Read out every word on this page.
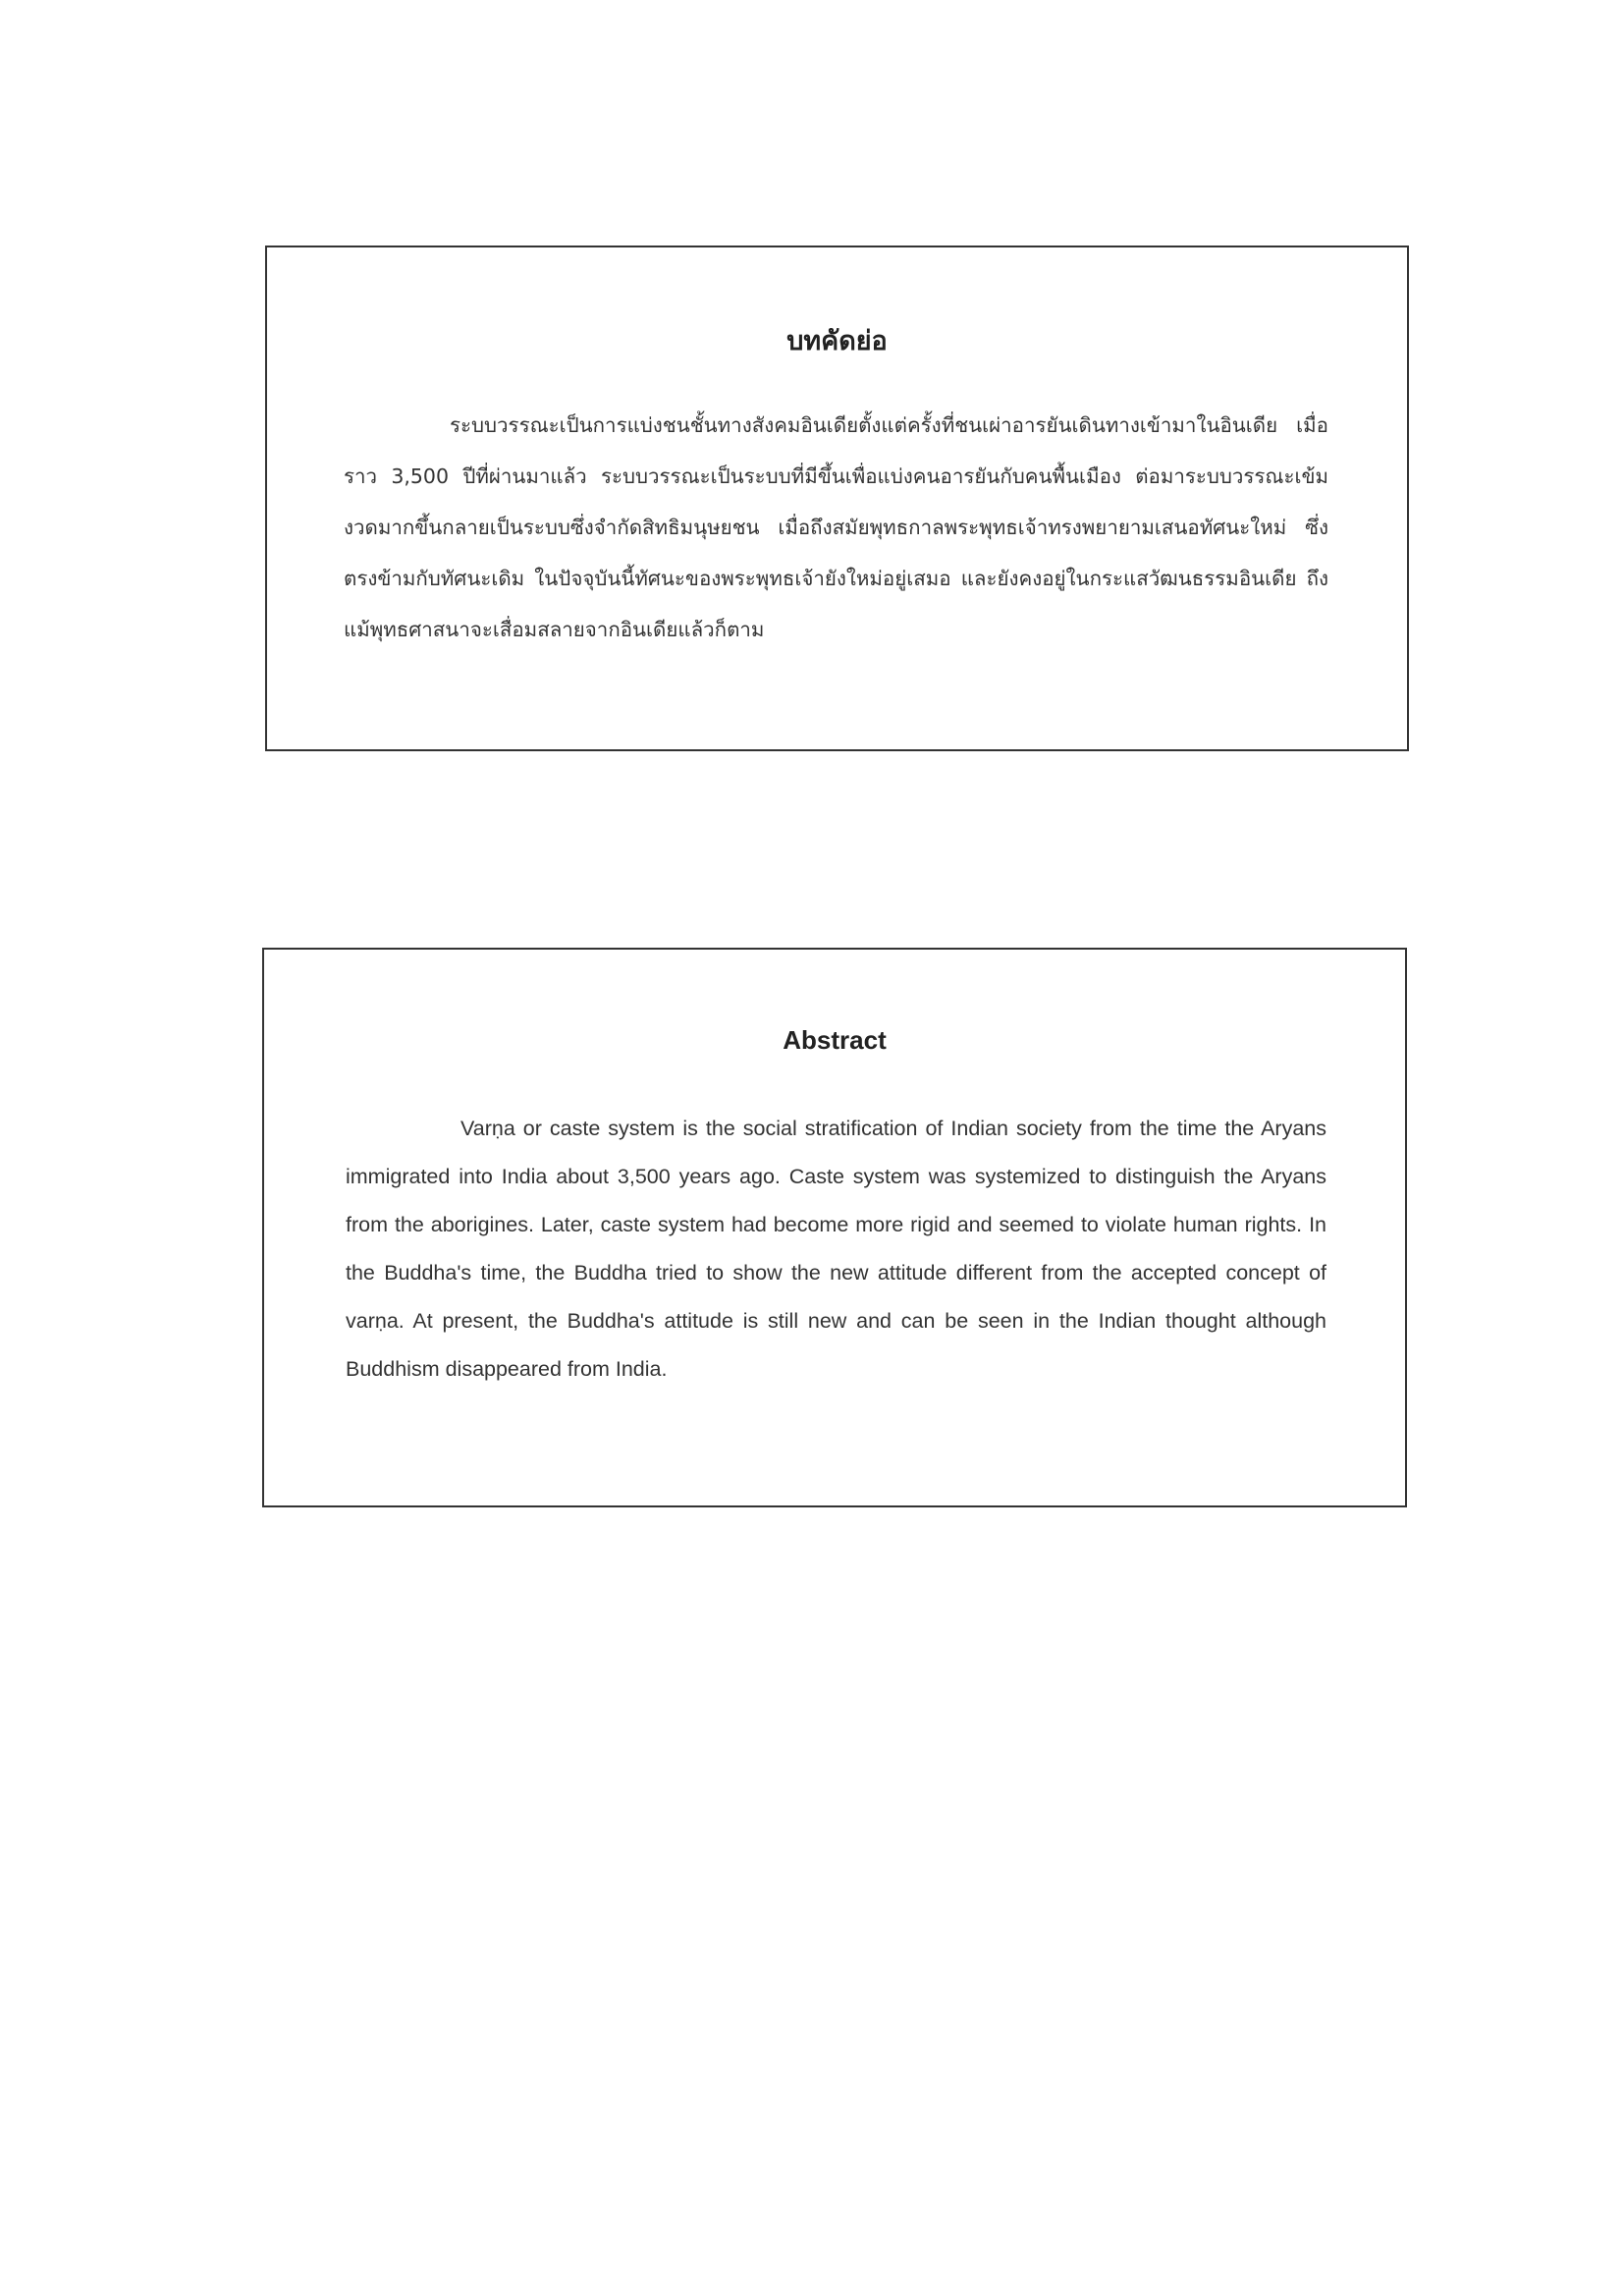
บทคัดย่อ
ระบบวรรณะเป็นการแบ่งชนชั้นทางสังคมอินเดียตั้งแต่ครั้งที่ชนเผ่าอารยันเดินทางเข้ามาในอินเดีย เมื่อราว 3,500 ปีที่ผ่านมาแล้ว ระบบวรรณะเป็นระบบที่มีขึ้นเพื่อแบ่งคนอารยันกับคนพื้นเมือง ต่อมาระบบวรรณะเข้มงวดมากขึ้นกลายเป็นระบบซึ่งจำกัดสิทธิมนุษยชน เมื่อถึงสมัยพุทธกาลพระพุทธเจ้าทรงพยายามเสนอทัศนะใหม่ ซึ่งตรงข้ามกับทัศนะเดิม ในปัจจุบันนี้ทัศนะของพระพุทธเจ้ายังใหม่อยู่เสมอ และยังคงอยู่ในกระแสวัฒนธรรมอินเดีย ถึงแม้พุทธศาสนาจะเสื่อมสลายจากอินเดียแล้วก็ตาม
Abstract
Varṇa or caste system is the social stratification of Indian society from the time the Aryans immigrated into India about 3,500 years ago. Caste system was systemized to distinguish the Aryans from the aborigines. Later, caste system had become more rigid and seemed to violate human rights. In the Buddha's time, the Buddha tried to show the new attitude different from the accepted concept of varṇa. At present, the Buddha's attitude is still new and can be seen in the Indian thought although Buddhism disappeared from India.
